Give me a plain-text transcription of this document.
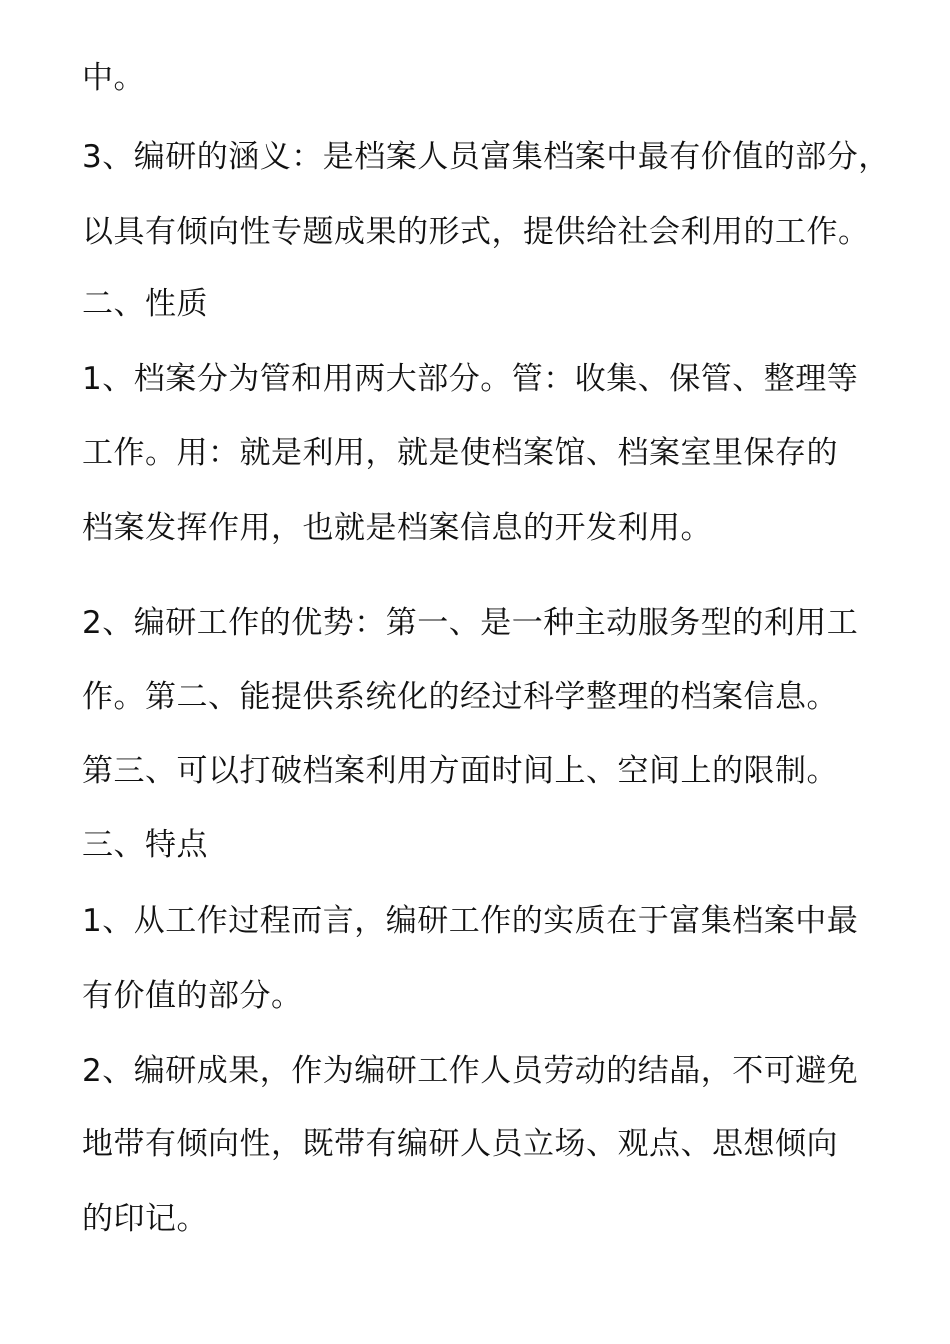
中。
3、编研的涵义：是档案人员富集档案中最有价值的部分，
以具有倾向性专题成果的形式，提供给社会利用的工作。
二、性质
1、档案分为管和用两大部分。管：收集、保管、整理等
工作。用：就是利用，就是使档案馆、档案室里保存的
档案发挥作用，也就是档案信息的开发利用。
2、编研工作的优势：第一、是一种主动服务型的利用工
作。第二、能提供系统化的经过科学整理的档案信息。
第三、可以打破档案利用方面时间上、空间上的限制。
三、特点
1、从工作过程而言，编研工作的实质在于富集档案中最
有价值的部分。
2、编研成果，作为编研工作人员劳动的结晶，不可避免
地带有倾向性，既带有编研人员立场、观点、思想倾向
的印记。
